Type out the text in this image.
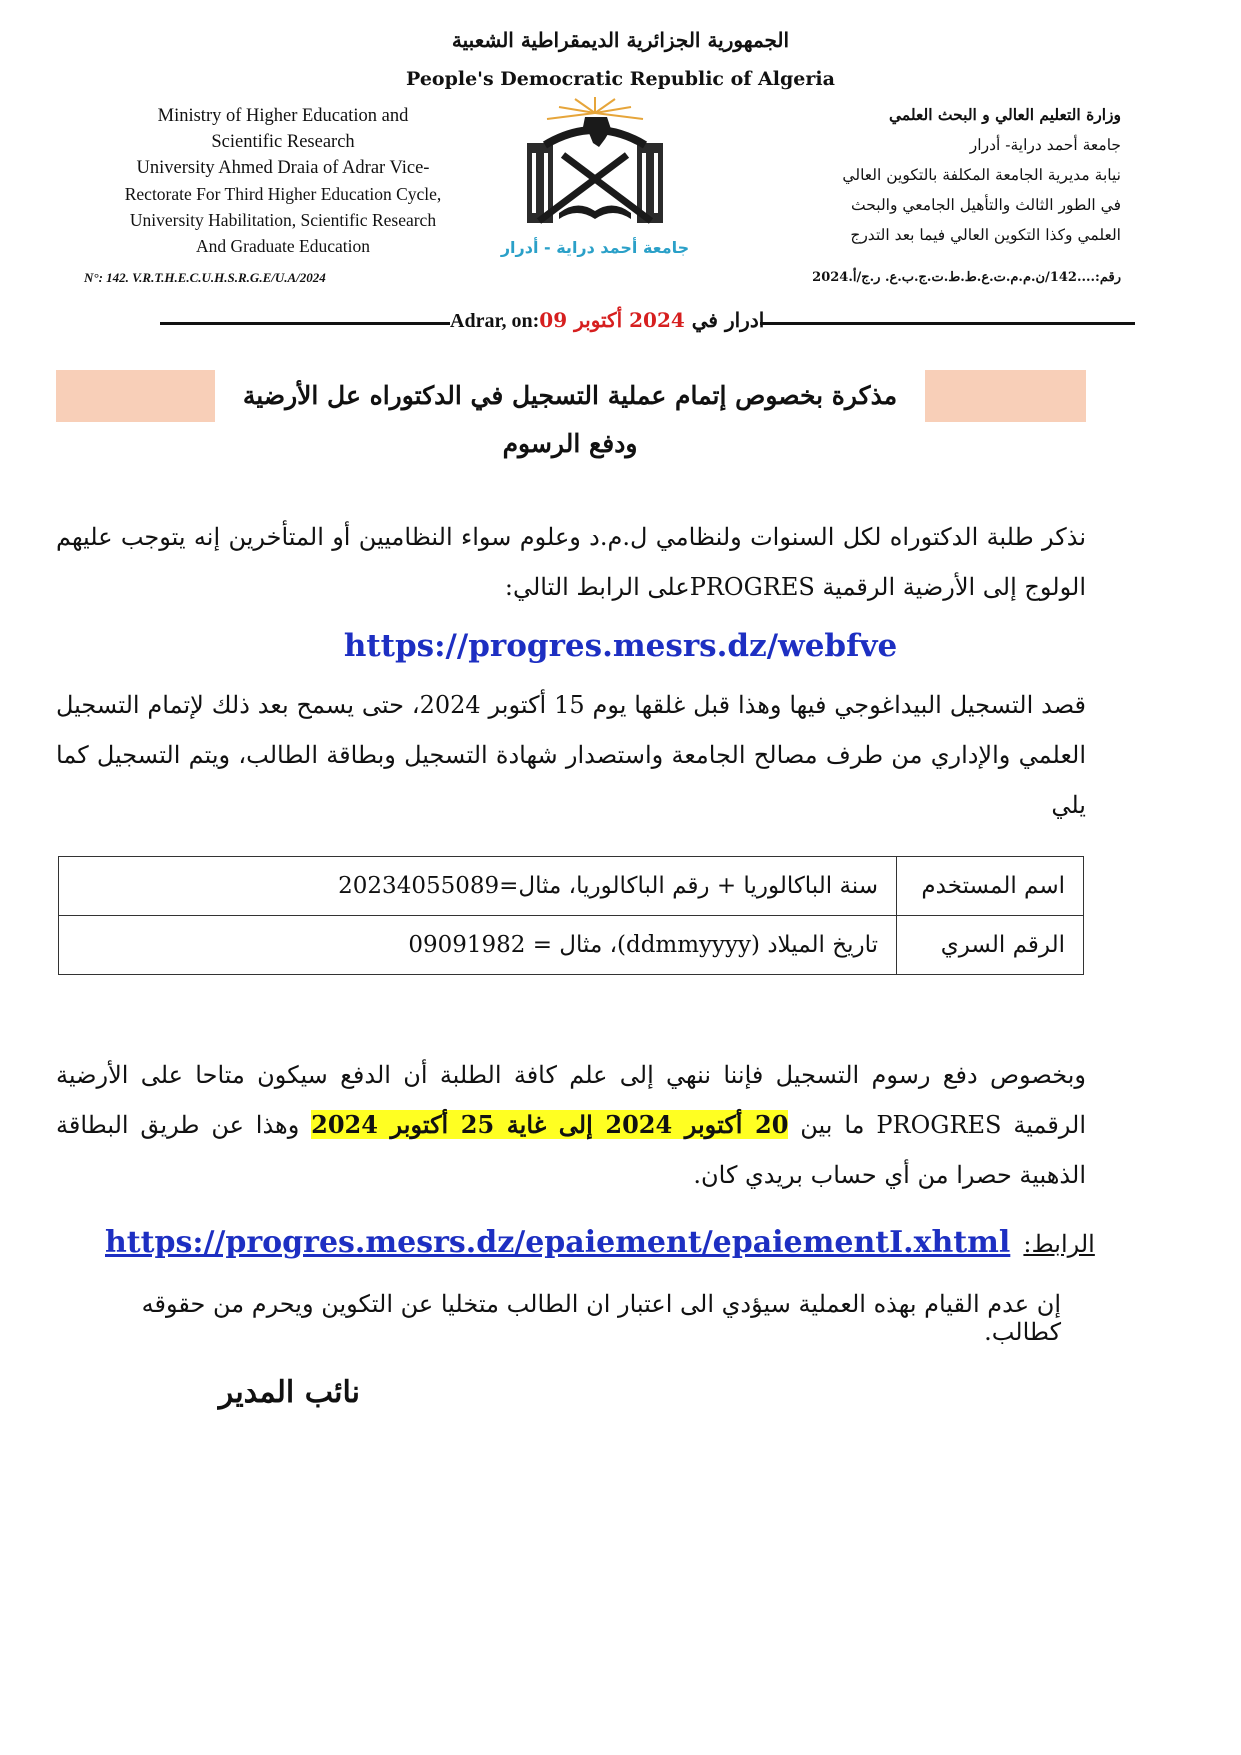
الجمهورية الجزائرية الديمقراطية الشعبية
People's Democratic Republic of Algeria
Ministry of Higher Education and
Scientific Research
University Ahmed Draia of Adrar Vice-
Rectorate For Third Higher Education Cycle,
University Habilitation, Scientific Research
And Graduate Education
وزارة التعليم العالي و البحث العلمي
جامعة أحمد دراية- أدرار
نيابة مديرية الجامعة المكلفة بالتكوين العالي
في الطور الثالث والتأهيل الجامعي والبحث
العلمي وكذا التكوين العالي فيما بعد التدرج
N°: 142. V.R.T.H.E.C.U.H.S.R.G.E/U.A/2024	رقم:....142/ن.م.م.ت.ع.ط.ط.ت.ج.ب.ع. ر.ج/أ.2024
جامعة أحمد دراية - أدرار
Adrar, on:2024 أكتوبر 09 ادرار في
مذكرة بخصوص إتمام عملية التسجيل في الدكتوراه عل الأرضية ودفع الرسوم
نذكر طلبة الدكتوراه لكل السنوات ولنظامي ل.م.د وعلوم سواء النظاميين أو المتأخرين إنه يتوجب عليهم الولوج إلى الأرضية الرقمية PROGRESعلى الرابط التالي:
https://progres.mesrs.dz/webfve
قصد التسجيل البيداغوجي فيها وهذا قبل غلقها يوم 15 أكتوبر 2024، حتى يسمح بعد ذلك لإتمام التسجيل العلمي والإداري من طرف مصالح الجامعة واستصدار شهادة التسجيل وبطاقة الطالب، ويتم التسجيل كما يلي
سنة الباكالوريا + رقم الباكالوريا، مثال=20234055089	اسم المستخدم
تاريخ الميلاد (ddmmyyyy)، مثال = 09091982	الرقم السري
وبخصوص دفع رسوم التسجيل فإننا ننهي إلى علم كافة الطلبة أن الدفع سيكون متاحا على الأرضية الرقمية PROGRES ما بين 20 أكتوبر 2024 إلى غاية 25 أكتوبر 2024 وهذا عن طريق البطاقة الذهبية حصرا من أي حساب بريدي كان.
https://progres.mesrs.dz/epaiement/epaiementI.xhtml الرابط:
إن عدم القيام بهذه العملية سيؤدي الى اعتبار ان الطالب متخليا عن التكوين ويحرم من حقوقه كطالب.
نائب المدير
